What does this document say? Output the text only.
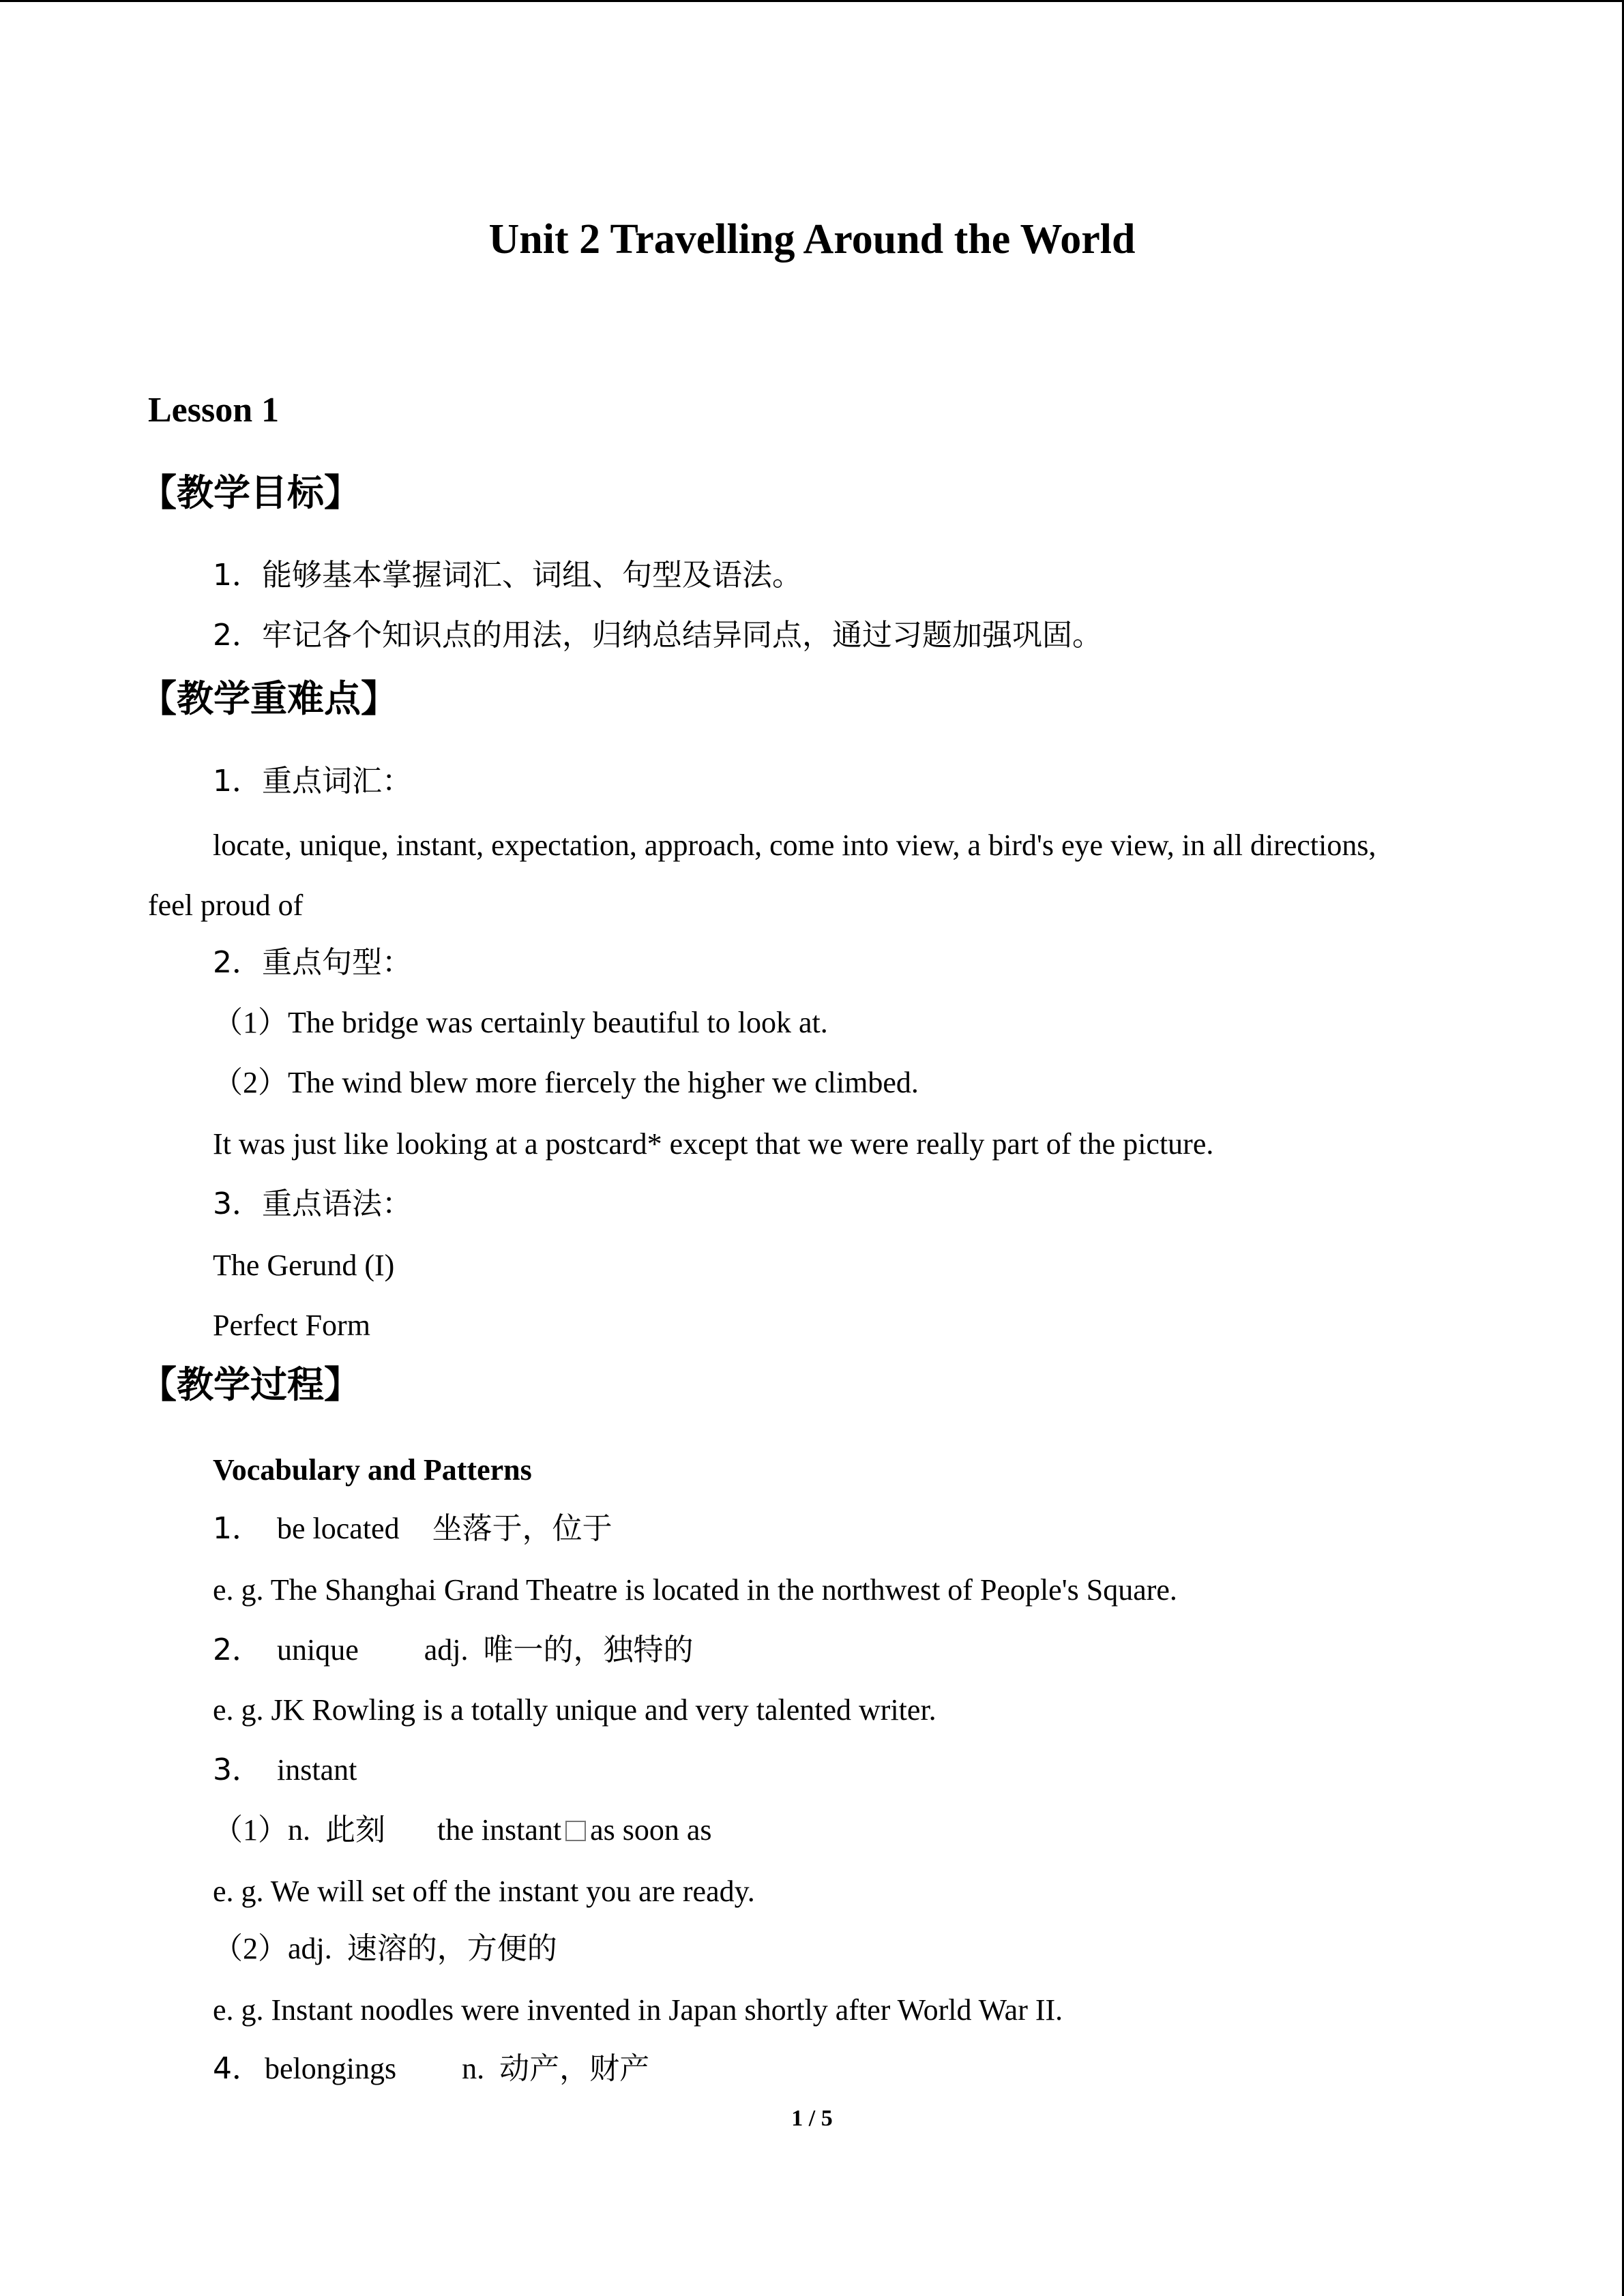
Unit 2 Travelling Around the World
Lesson 1
【教学目标】
1．能够基本掌握词汇、词组、句型及语法。
2．牢记各个知识点的用法，归纳总结异同点，通过习题加强巩固。
【教学重难点】
1．重点词汇：
locate, unique, instant, expectation, approach, come into view, a bird's eye view, in all directions,
feel proud of
2．重点句型：
（1）The bridge was certainly beautiful to look at.
（2）The wind blew more fiercely the higher we climbed.
It was just like looking at a postcard* except that we were really part of the picture.
3．重点语法：
The Gerund (I)
Perfect Form
【教学过程】
Vocabulary and Patterns
1． be located 坐落于，位于
e. g. The Shanghai Grand Theatre is located in the northwest of People's Square.
2． unique adj. 唯一的，独特的
e. g. JK Rowling is a totally unique and very talented writer.
3． instant
（1）n. 此刻 the instant as soon as
e. g. We will set off the instant you are ready.
（2）adj. 速溶的，方便的
e. g. Instant noodles were invented in Japan shortly after World War II.
4．belongings n. 动产，财产
1 / 5
